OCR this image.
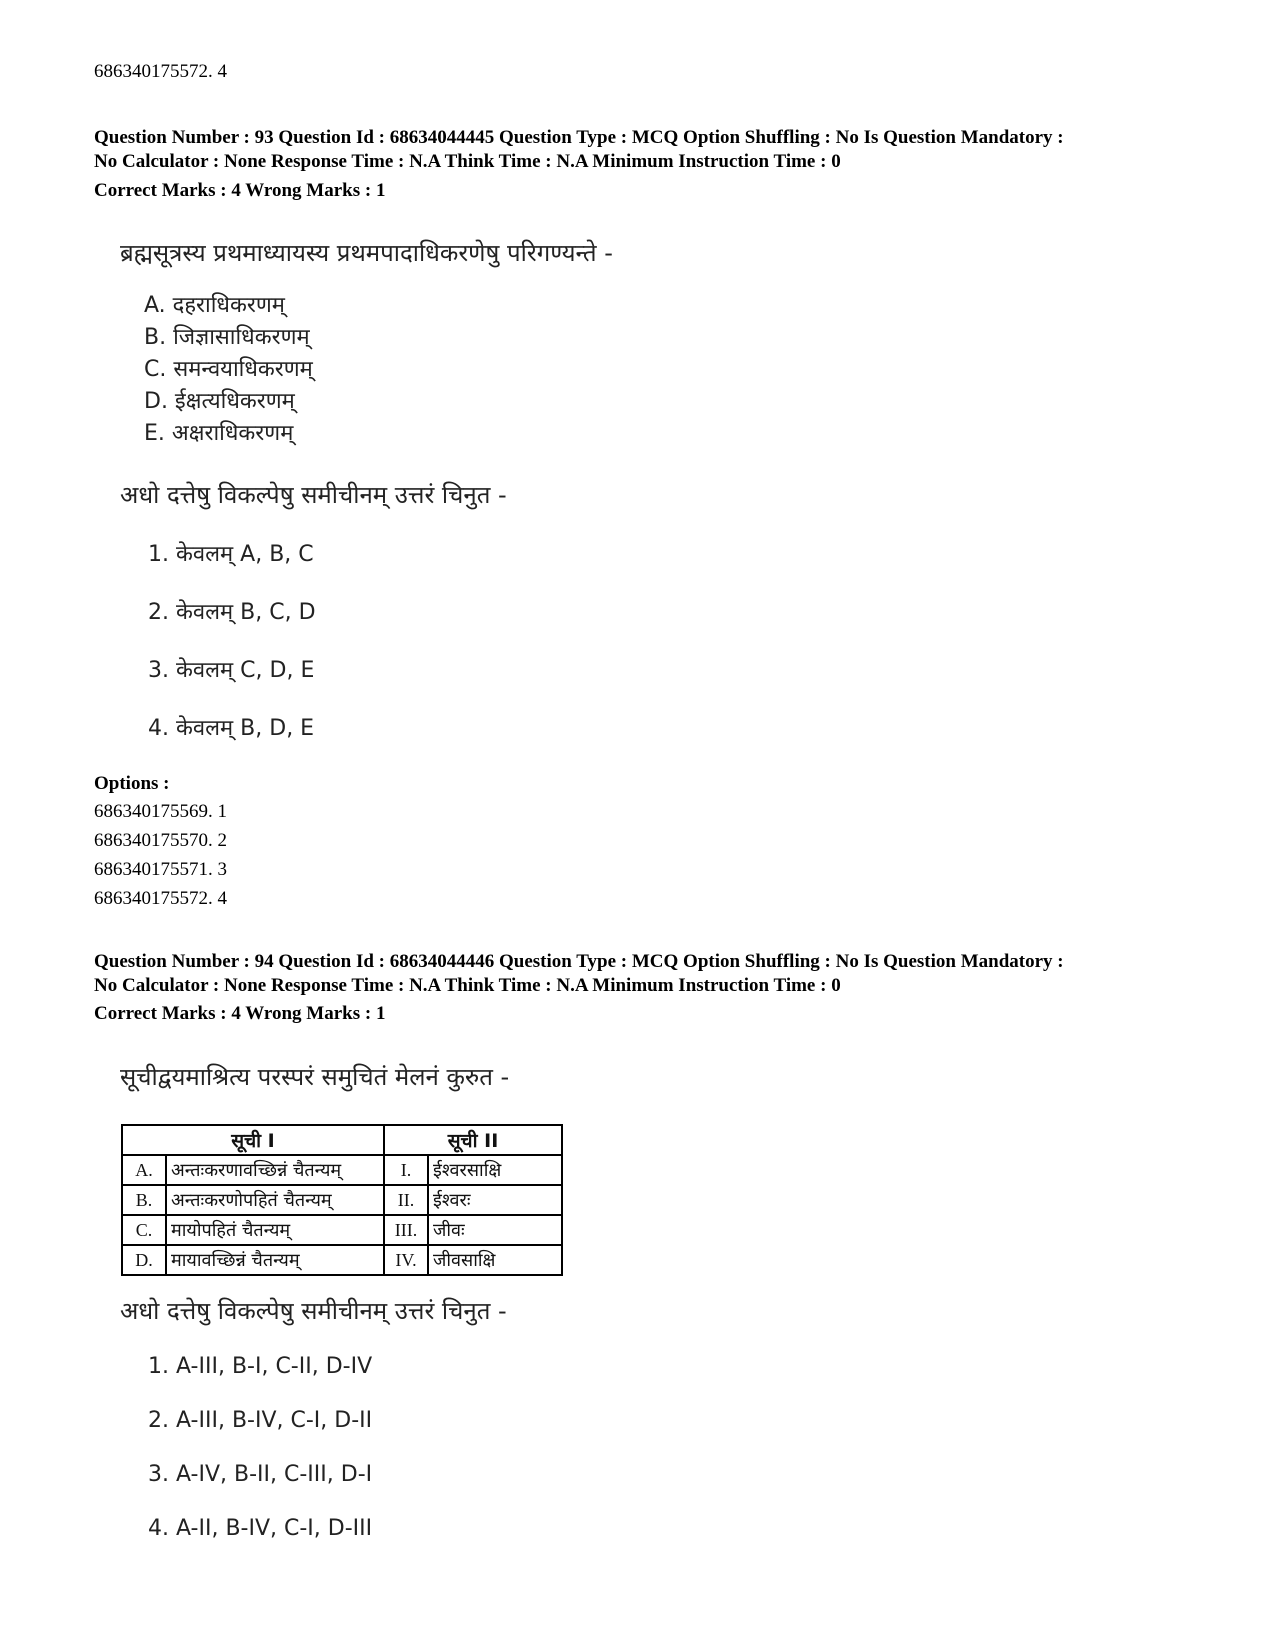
686340175572. 4
Question Number : 93 Question Id : 68634044445 Question Type : MCQ Option Shuffling : No Is Question Mandatory :
No Calculator : None Response Time : N.A Think Time : N.A Minimum Instruction Time : 0
Correct Marks : 4 Wrong Marks : 1
ब्रह्मसूत्रस्य प्रथमाध्यायस्य प्रथमपादाधिकरणेषु परिगण्यन्ते -
A. दहराधिकरणम्
B. जिज्ञासाधिकरणम्
C. समन्वयाधिकरणम्
D. ईक्षत्यधिकरणम्
E. अक्षराधिकरणम्
अधो दत्तेषु विकल्पेषु समीचीनम् उत्तरं चिनुत -
1. केवलम् A, B, C
2. केवलम् B, C, D
3. केवलम् C, D, E
4. केवलम् B, D, E
Options :
686340175569. 1
686340175570. 2
686340175571. 3
686340175572. 4
Question Number : 94 Question Id : 68634044446 Question Type : MCQ Option Shuffling : No Is Question Mandatory :
No Calculator : None Response Time : N.A Think Time : N.A Minimum Instruction Time : 0
Correct Marks : 4 Wrong Marks : 1
सूचीद्वयमाश्रित्य परस्परं समुचितं मेलनं कुरुत -
सूची I		सूची II	
A.	अन्तःकरणावच्छिन्नं चैतन्यम्	I.	ईश्वरसाक्षि
B.	अन्तःकरणोपहितं चैतन्यम्	II.	ईश्वरः
C.	मायोपहितं चैतन्यम्	III.	जीवः
D.	मायावच्छिन्नं चैतन्यम्	IV.	जीवसाक्षि
अधो दत्तेषु विकल्पेषु समीचीनम् उत्तरं चिनुत -
1. A-III, B-I, C-II, D-IV
2. A-III, B-IV, C-I, D-II
3. A-IV, B-II, C-III, D-I
4. A-II, B-IV, C-I, D-III
